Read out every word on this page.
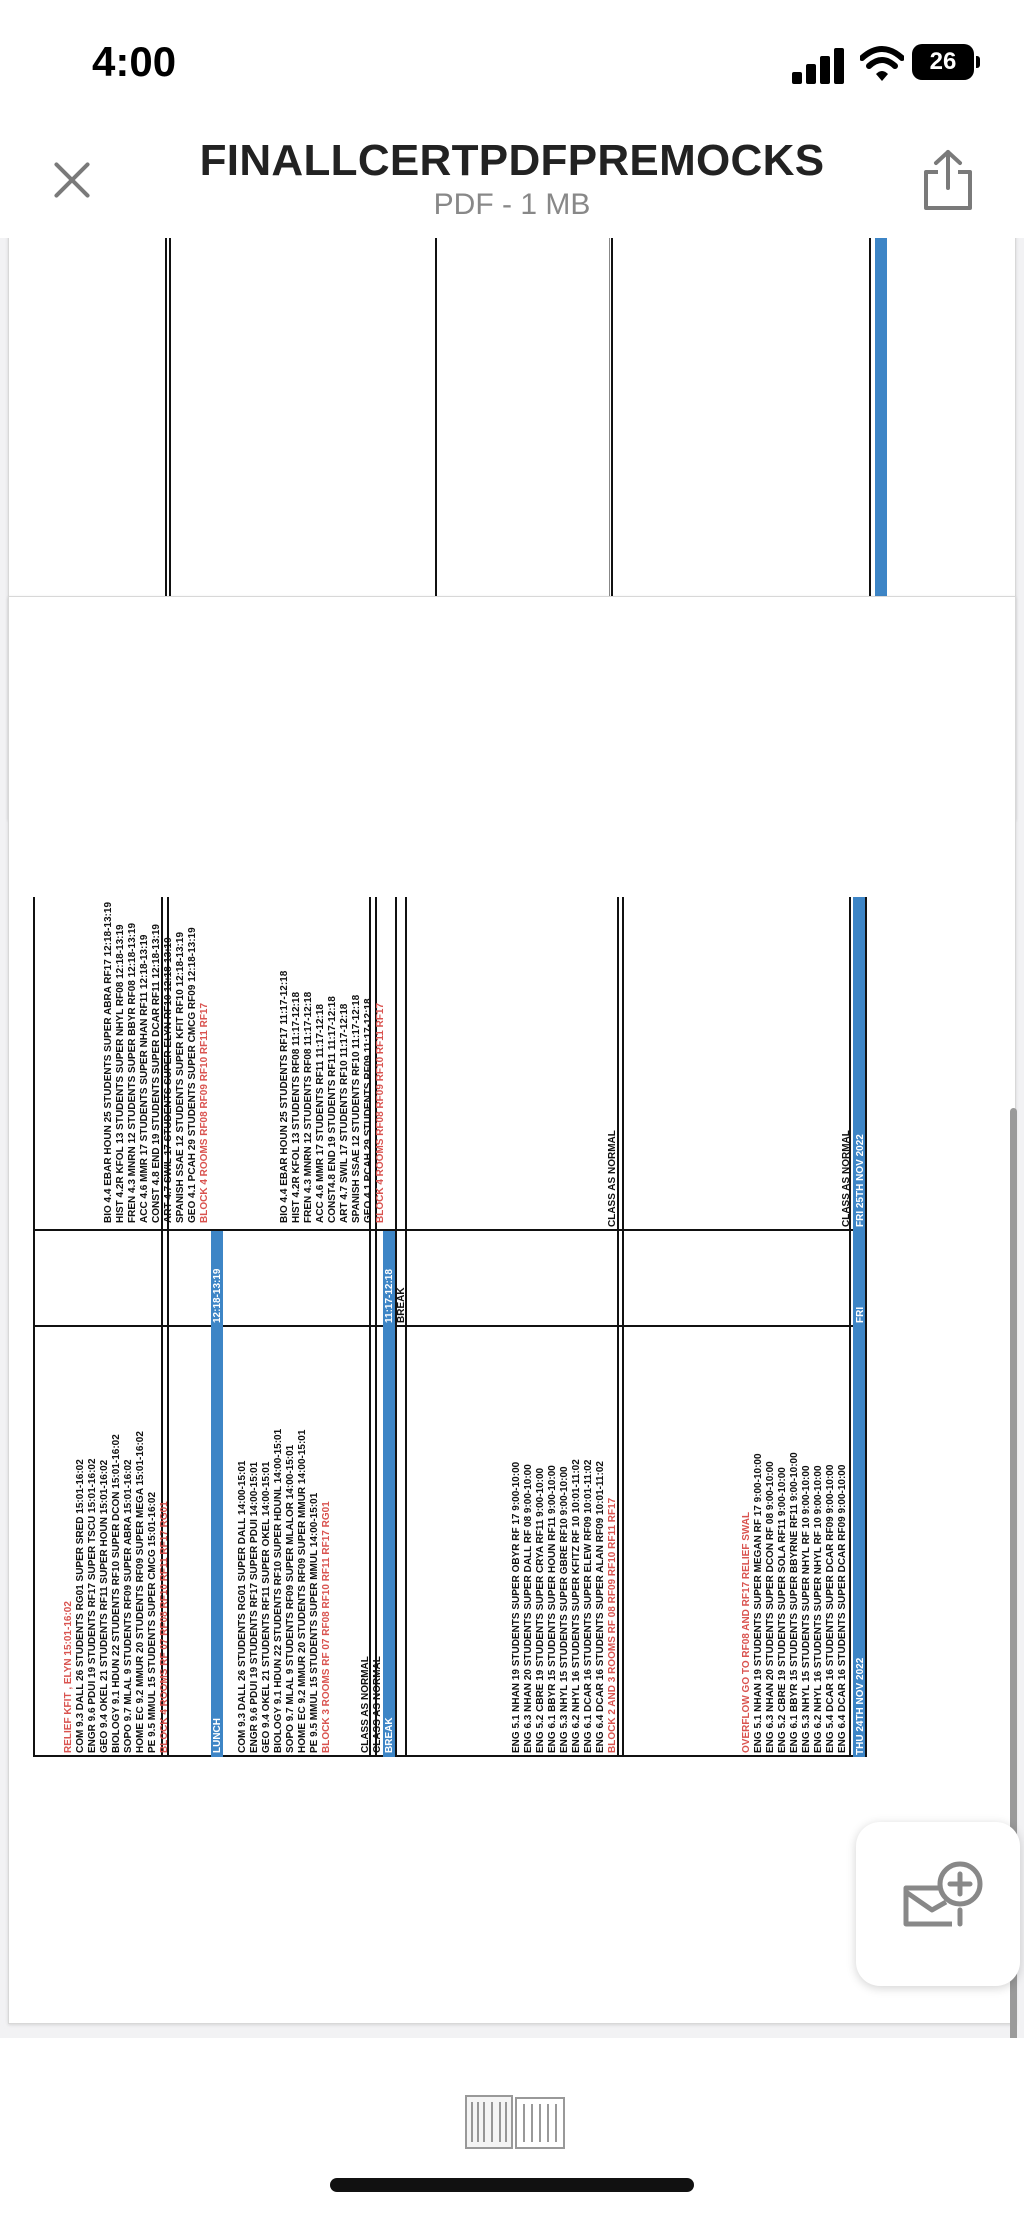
4:00	26
FINALLCERTPDFPREMOCKS
PDF - 1 MB
THU 24TH NOV 2022
ENG 6.4 DCAR 16 STUDENTS SUPER DCAR RF09 9:00-10:00
ENG 5.4 DCAR 16 STUDENTS SUPER DCAR RF09 9:00-10:00
ENG 6.2 NHYL 16 STUDENTS SUPER NHYL RF 10 9:00-10:00
ENG 5.3 NHYL 15 STUDENTS SUPER NHYL RF 10 9:00-10:00
ENG 6.1 BBYR 15 STUDENTS SUPER BBYRNE RF11 9:00-10:00
ENG 5.2 CBRE 19 STUDENTS SUPER SOLA RF11 9:00-10:00
ENG 6.3 NHAN 20 STUDENTS SUPER DCON RF 08 9:00-10:00
ENG 5.1 NHAN 19 STUDENTS SUPER MEGAN RF 17 9:00-10:00
OVERFLOW GO TO RF08 AND RF17 RELIEF SWAL
BLOCK 2 AND 3 ROOMS RF 08 RF09 RF10 RF11 RF17
ENG 6.4 DCAR 16 STUDENTS SUPER ALAN RF09 10:01-11:02
ENG 6.1 DCAR 16 STUDENTS SUPER ELEW RF09 10:01-11:02
ENG 6.2 NHYL 16 STUDENTS SUPER KFITZ RF 10 10:01-11:02
ENG 5.3 NHYL 15 STUDENTS SUPER GBRE RF10 9:00-10:00
ENG 6.1 BBYR 15 STUDENTS SUPER HOUN RF11 9:00-10:00
ENG 5.2 CBRE 19 STUDENTS SUPER CRYA RF11 9:00-10:00
ENG 6.3 NHAN 20 STUDENTS SUPER DALL RF 08 9:00-10:00
ENG 5.1 NHAN 19 STUDENTS SUPER OBYR RF 17 9:00-10:00
BREAK
CLASS AS NORMAL
CLASS AS NORMAL
LUNCH	BLOCK 3 ROOMS RF 07 RF08 RF10 RF11 RF17 RG01
PE 9.5 MMUL 15 STUDENTS SUPER MMUL 14:00-15:01
HOME EC 9.2 MMUR 20 STUDENTS RF09 SUPER MMUR 14:00-15:01
SOPO 9.7 MLAL 9 STUDENTS RF09 SUPER MLALOR 14:00-15:01
BIOLOGY 9.1 HDUN 22 STUDENTS RF10 SUPER HDUNL 14:00-15:01
GEO 9.4 OKEL 21 STUDENTS RF11 SUPER OKEL 14:00-15:01
ENGR 9.6 PDUI 19 STUDENTS RF17 SUPER PDUI 14:00-15:01
COM 9.3 DALL 26 STUDENTS RG01 SUPER DALL 14:00-15:01
BLOCK 4 ROOMS RF 07 RF08 RF10 RF11 RF17 RG01
PE 9.5 MMUL 15 STUDENTS SUPER CMCG 15:01-16:02
HOME EC 9.2 MMUR 20 STUDENTS RF09 SUPER MEGA 15:01-16:02
SOPO 9.7 MLAL 9 STUDENTS RF09 SUPER ABRA 15:01-16:02
BIOLOGY 9.1 HDUN 22 STUDENTS RF10 SUPER DCON 15:01-16:02
GEO 9.4 OKEL 21 STUDENTS RF11 SUPER HOUN 15:01-16:02
ENGR 9.6 PDUI 19 STUDENTS RF17 SUPER TSCU 15:01-16:02
COM 9.3 DALL 26 STUDENTS RG01 SUPER SRED 15:01-16:02
RELIEF KFIT , ELYN 15:01-16:02
FRI
BREAK
11:17-12:18
12:18-13:19
FRI 25TH NOV 2022
CLASS AS NORMAL
CLASS AS NORMAL
BLOCK 4 ROOMS RF08 RF09 RF10 RF11 RF17
GEO 4.1 PCAH 29 STUDENTS RF09 11:17-12:18
SPANISH SSAE 12 STUDENTS RF10 11:17-12:18
ART 4.7 SWIL 17 STUDENTS RF10 11:17-12:18
CONST4.8 END 19 STUDENTS RF11 11:17-12:18
ACC 4.6 MMR 17 STUDENTS RF11 11:17-12:18
FREN 4.3 MNRN 12 STUDENTS RF08 11:17-12:18
HIST 4.2R KFOL 13 STUDENTS RF08 11:17-12:18
BIO 4.4 EBAR HOUN 25 STUDENTS RF17 11:17-12:18
BLOCK 4 ROOMS RF08 RF09 RF10 RF11 RF17
GEO 4.1 PCAH 29 STUDENTS SUPER CMCG RF09 12:18-13:19
SPANISH SSAE 12 STUDENTS SUPER KFIT RF10 12:18-13:19
ART 4.7 SWIL 17 STUDENTS SUPER ELYN RF10 12:18-13:19
CONST 4.8 END 19 STUDENTS SUPER DCAR RF11 12:18-13:19
ACC 4.6 MMR 17 STUDENTS SUPER NHAN RF11 12:18-13:19
FREN 4.3 MNRN 12 STUDENTS SUPER BBYR RF08 12:18-13:19
HIST 4.2R KFOL 13 STUDENTS SUPER NHYL RF08 12:18-13:19
BIO 4.4 EBAR HOUN 25 STUDENTS SUPER ABRA RF17 12:18-13:19
